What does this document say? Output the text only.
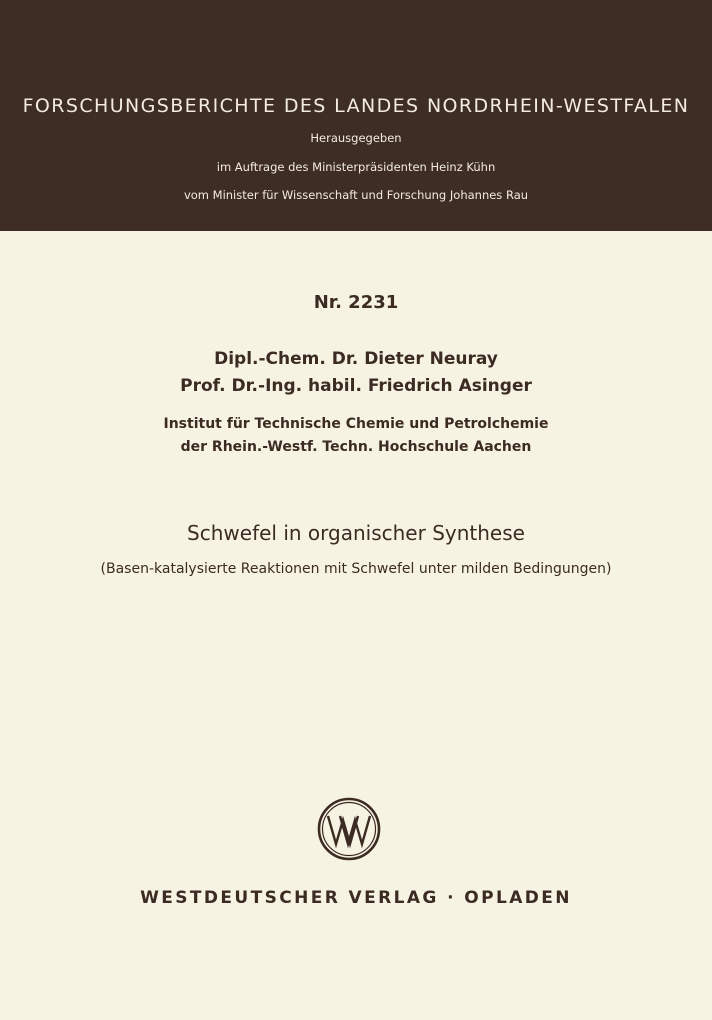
FORSCHUNGSBERICHTE DES LANDES NORDRHEIN-WESTFALEN
Herausgegeben
im Auftrage des Ministerpräsidenten Heinz Kühn
vom Minister für Wissenschaft und Forschung Johannes Rau
Nr. 2231
Dipl.-Chem. Dr. Dieter Neuray
Prof. Dr.-Ing. habil. Friedrich Asinger
Institut für Technische Chemie und Petrolchemie
der Rhein.-Westf. Techn. Hochschule Aachen
Schwefel in organischer Synthese
(Basen-katalysierte Reaktionen mit Schwefel unter milden Bedingungen)
WESTDEUTSCHER VERLAG · OPLADEN
